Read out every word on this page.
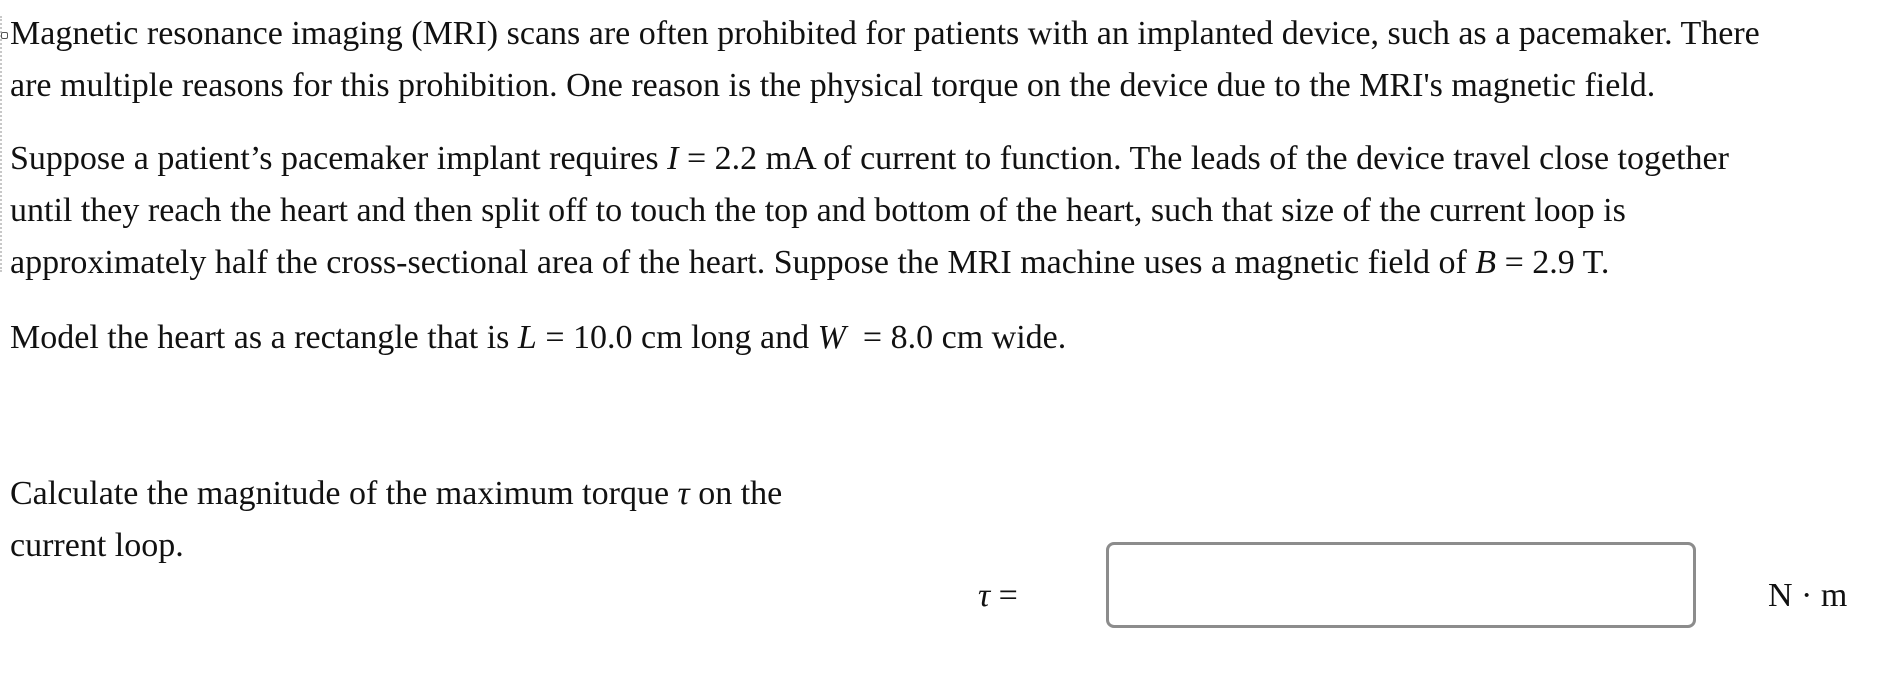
Magnetic resonance imaging (MRI) scans are often prohibited for patients with an implanted device, such as a pacemaker. There
are multiple reasons for this prohibition. One reason is the physical torque on the device due to the MRI's magnetic field.

Suppose a patient’s pacemaker implant requires I = 2.2 mA of current to function. The leads of the device travel close together
until they reach the heart and then split off to touch the top and bottom of the heart, such that size of the current loop is
approximately half the cross-sectional area of the heart. Suppose the MRI machine uses a magnetic field of B = 2.9 T.

Model the heart as a rectangle that is L = 10.0 cm long and W  = 8.0 cm wide.

Calculate the magnitude of the maximum torque τ on the
current loop.

τ =	N · m
